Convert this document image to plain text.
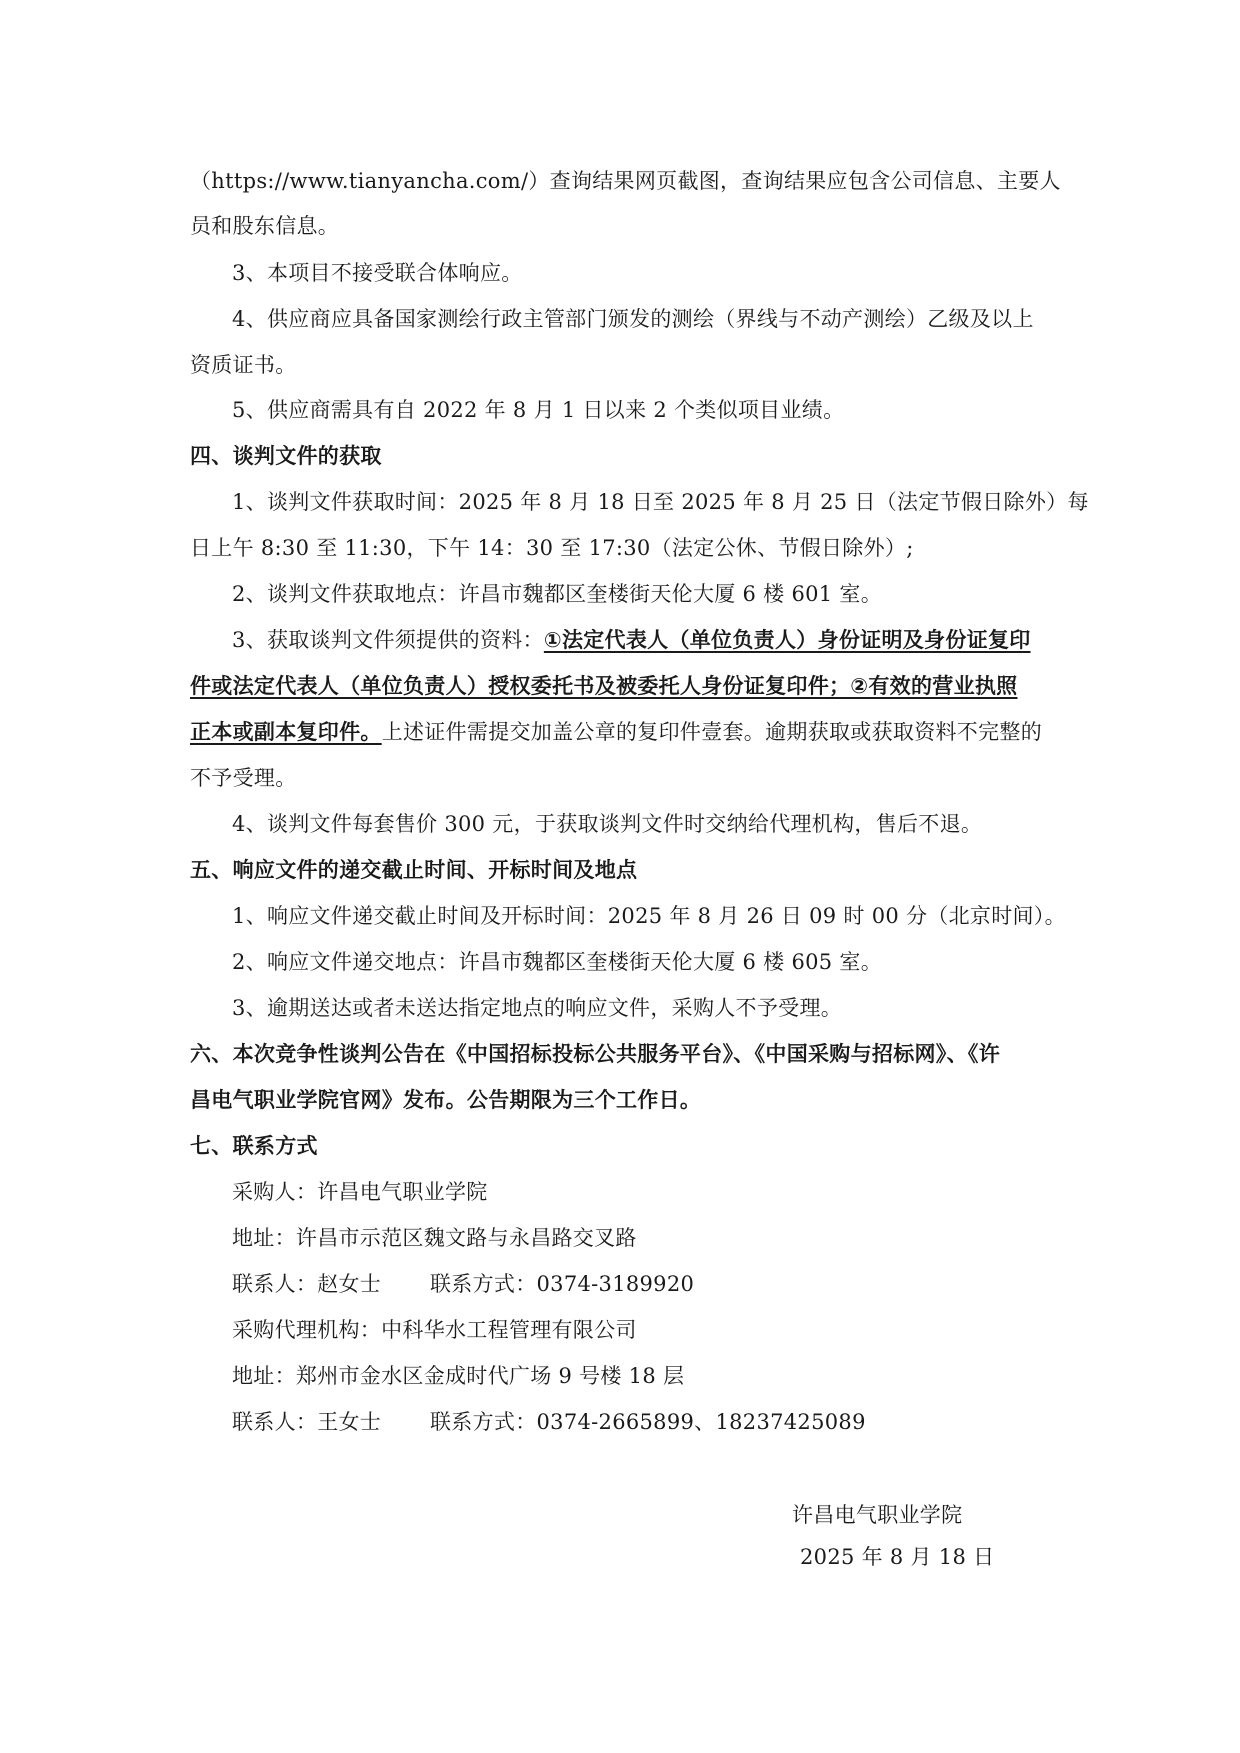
（https://www.tianyancha.com/）查询结果网页截图，查询结果应包含公司信息、主要人
员和股东信息。
3、本项目不接受联合体响应。
4、供应商应具备国家测绘行政主管部门颁发的测绘（界线与不动产测绘）乙级及以上
资质证书。
5、供应商需具有自 2022 年 8 月 1 日以来 2 个类似项目业绩。
四、谈判文件的获取
1、谈判文件获取时间：2025 年 8 月 18 日至 2025 年 8 月 25 日（法定节假日除外）每
日上午 8:30 至 11:30，下午 14：30 至 17:30（法定公休、节假日除外）;
2、谈判文件获取地点：许昌市魏都区奎楼街天伦大厦 6 楼 601 室。
3、获取谈判文件须提供的资料：①法定代表人（单位负责人）身份证明及身份证复印
件或法定代表人（单位负责人）授权委托书及被委托人身份证复印件；②有效的营业执照
正本或副本复印件。上述证件需提交加盖公章的复印件壹套。逾期获取或获取资料不完整的
不予受理。
4、谈判文件每套售价 300 元，于获取谈判文件时交纳给代理机构，售后不退。
五、响应文件的递交截止时间、开标时间及地点
1、响应文件递交截止时间及开标时间：2025 年 8 月 26 日 09 时 00 分（北京时间）。
2、响应文件递交地点：许昌市魏都区奎楼街天伦大厦 6 楼 605 室。
3、逾期送达或者未送达指定地点的响应文件，采购人不予受理。
六、本次竞争性谈判公告在《中国招标投标公共服务平台》、《中国采购与招标网》、《许
昌电气职业学院官网》发布。公告期限为三个工作日。
七、联系方式
采购人：许昌电气职业学院
地址：许昌市示范区魏文路与永昌路交叉路
联系人：赵女士 联系方式：0374-3189920
采购代理机构：中科华水工程管理有限公司
地址：郑州市金水区金成时代广场 9 号楼 18 层
联系人：王女士 联系方式：0374-2665899、18237425089
许昌电气职业学院
2025 年 8 月 18 日
